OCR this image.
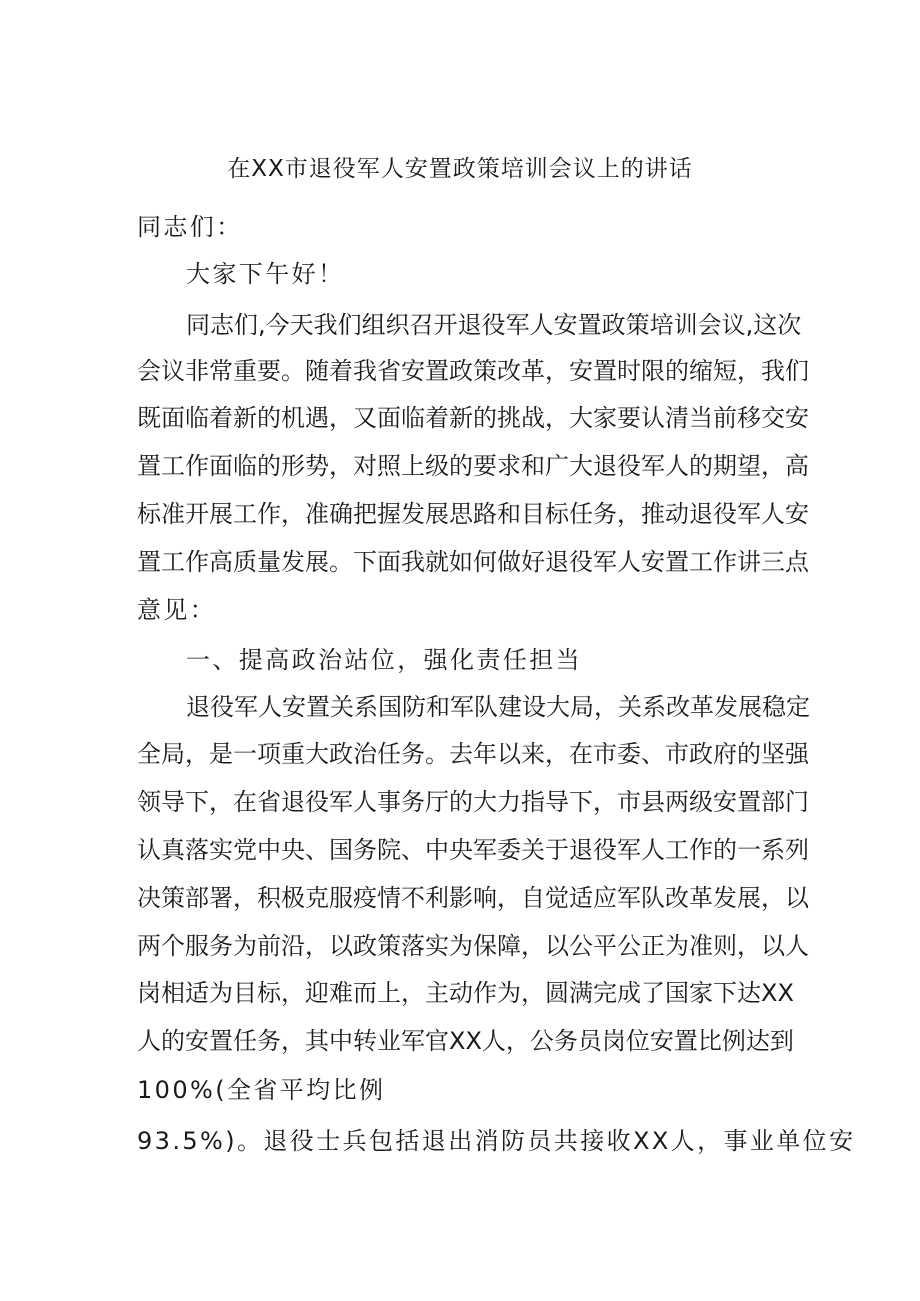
在XX市退役军人安置政策培训会议上的讲话

同志们：

大家下午好！

同志们,今天我们组织召开退役军人安置政策培训会议,这次

会议非常重要。随着我省安置政策改革，安置时限的缩短，我们

既面临着新的机遇，又面临着新的挑战，大家要认清当前移交安

置工作面临的形势，对照上级的要求和广大退役军人的期望，高

标准开展工作，准确把握发展思路和目标任务，推动退役军人安

置工作高质量发展。下面我就如何做好退役军人安置工作讲三点

意见：

一、提高政治站位，强化责任担当

退役军人安置关系国防和军队建设大局，关系改革发展稳定

全局，是一项重大政治任务。去年以来，在市委、市政府的坚强

领导下，在省退役军人事务厅的大力指导下，市县两级安置部门

认真落实党中央、国务院、中央军委关于退役军人工作的一系列

决策部署，积极克服疫情不利影响，自觉适应军队改革发展，以

两个服务为前沿，以政策落实为保障，以公平公正为准则，以人

岗相适为目标，迎难而上，主动作为，圆满完成了国家下达XX

人的安置任务，其中转业军官XX人，公务员岗位安置比例达到

100%(全省平均比例

93.5%)。退役士兵包括退出消防员共接收XX人，事业单位安
